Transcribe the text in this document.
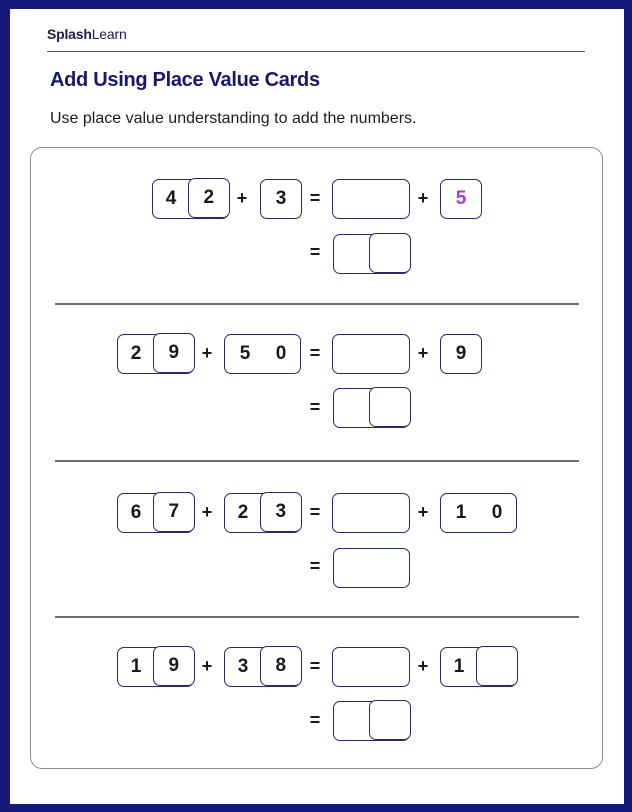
SplashLearn
Add Using Place Value Cards
Use place value understanding to add the numbers.
4	2	+	3	=	+	5
=
2	9	+	5	0	=	+	9
=
6	7	+	2	3	=	+	1	0
=
1	9	+	3	8	=	+	1
=
